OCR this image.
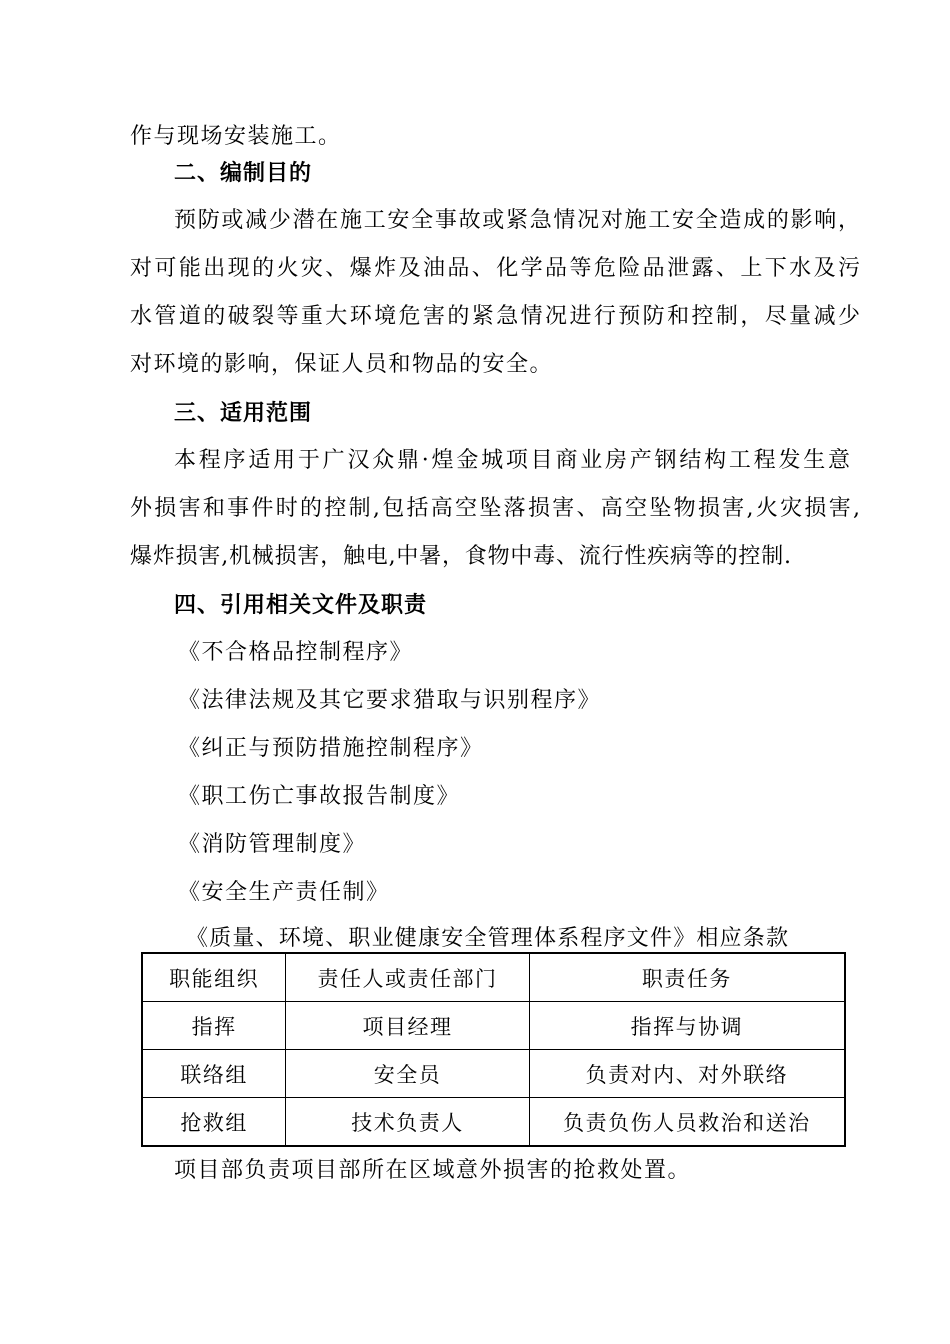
作与现场安装施工。
二、编制目的
预防或减少潜在施工安全事故或紧急情况对施工安全造成的影响，
对可能出现的火灾、爆炸及油品、化学品等危险品泄露、上下水及污
水管道的破裂等重大环境危害的紧急情况进行预防和控制，尽量减少
对环境的影响，保证人员和物品的安全。
三、适用范围
本程序适用于广汉众鼎·煌金城项目商业房产钢结构工程发生意
外损害和事件时的控制,包括高空坠落损害、高空坠物损害,火灾损害,
爆炸损害,机械损害，触电,中暑，食物中毒、流行性疾病等的控制.
四、引用相关文件及职责
《不合格品控制程序》
《法律法规及其它要求猎取与识别程序》
《纠正与预防措施控制程序》
《职工伤亡事故报告制度》
《消防管理制度》
《安全生产责任制》
《质量、环境、职业健康安全管理体系程序文件》相应条款
职能组织	责任人或责任部门	职责任务
指挥	项目经理	指挥与协调
联络组	安全员	负责对内、对外联络
抢救组	技术负责人	负责负伤人员救治和送治
项目部负责项目部所在区域意外损害的抢救处置。
